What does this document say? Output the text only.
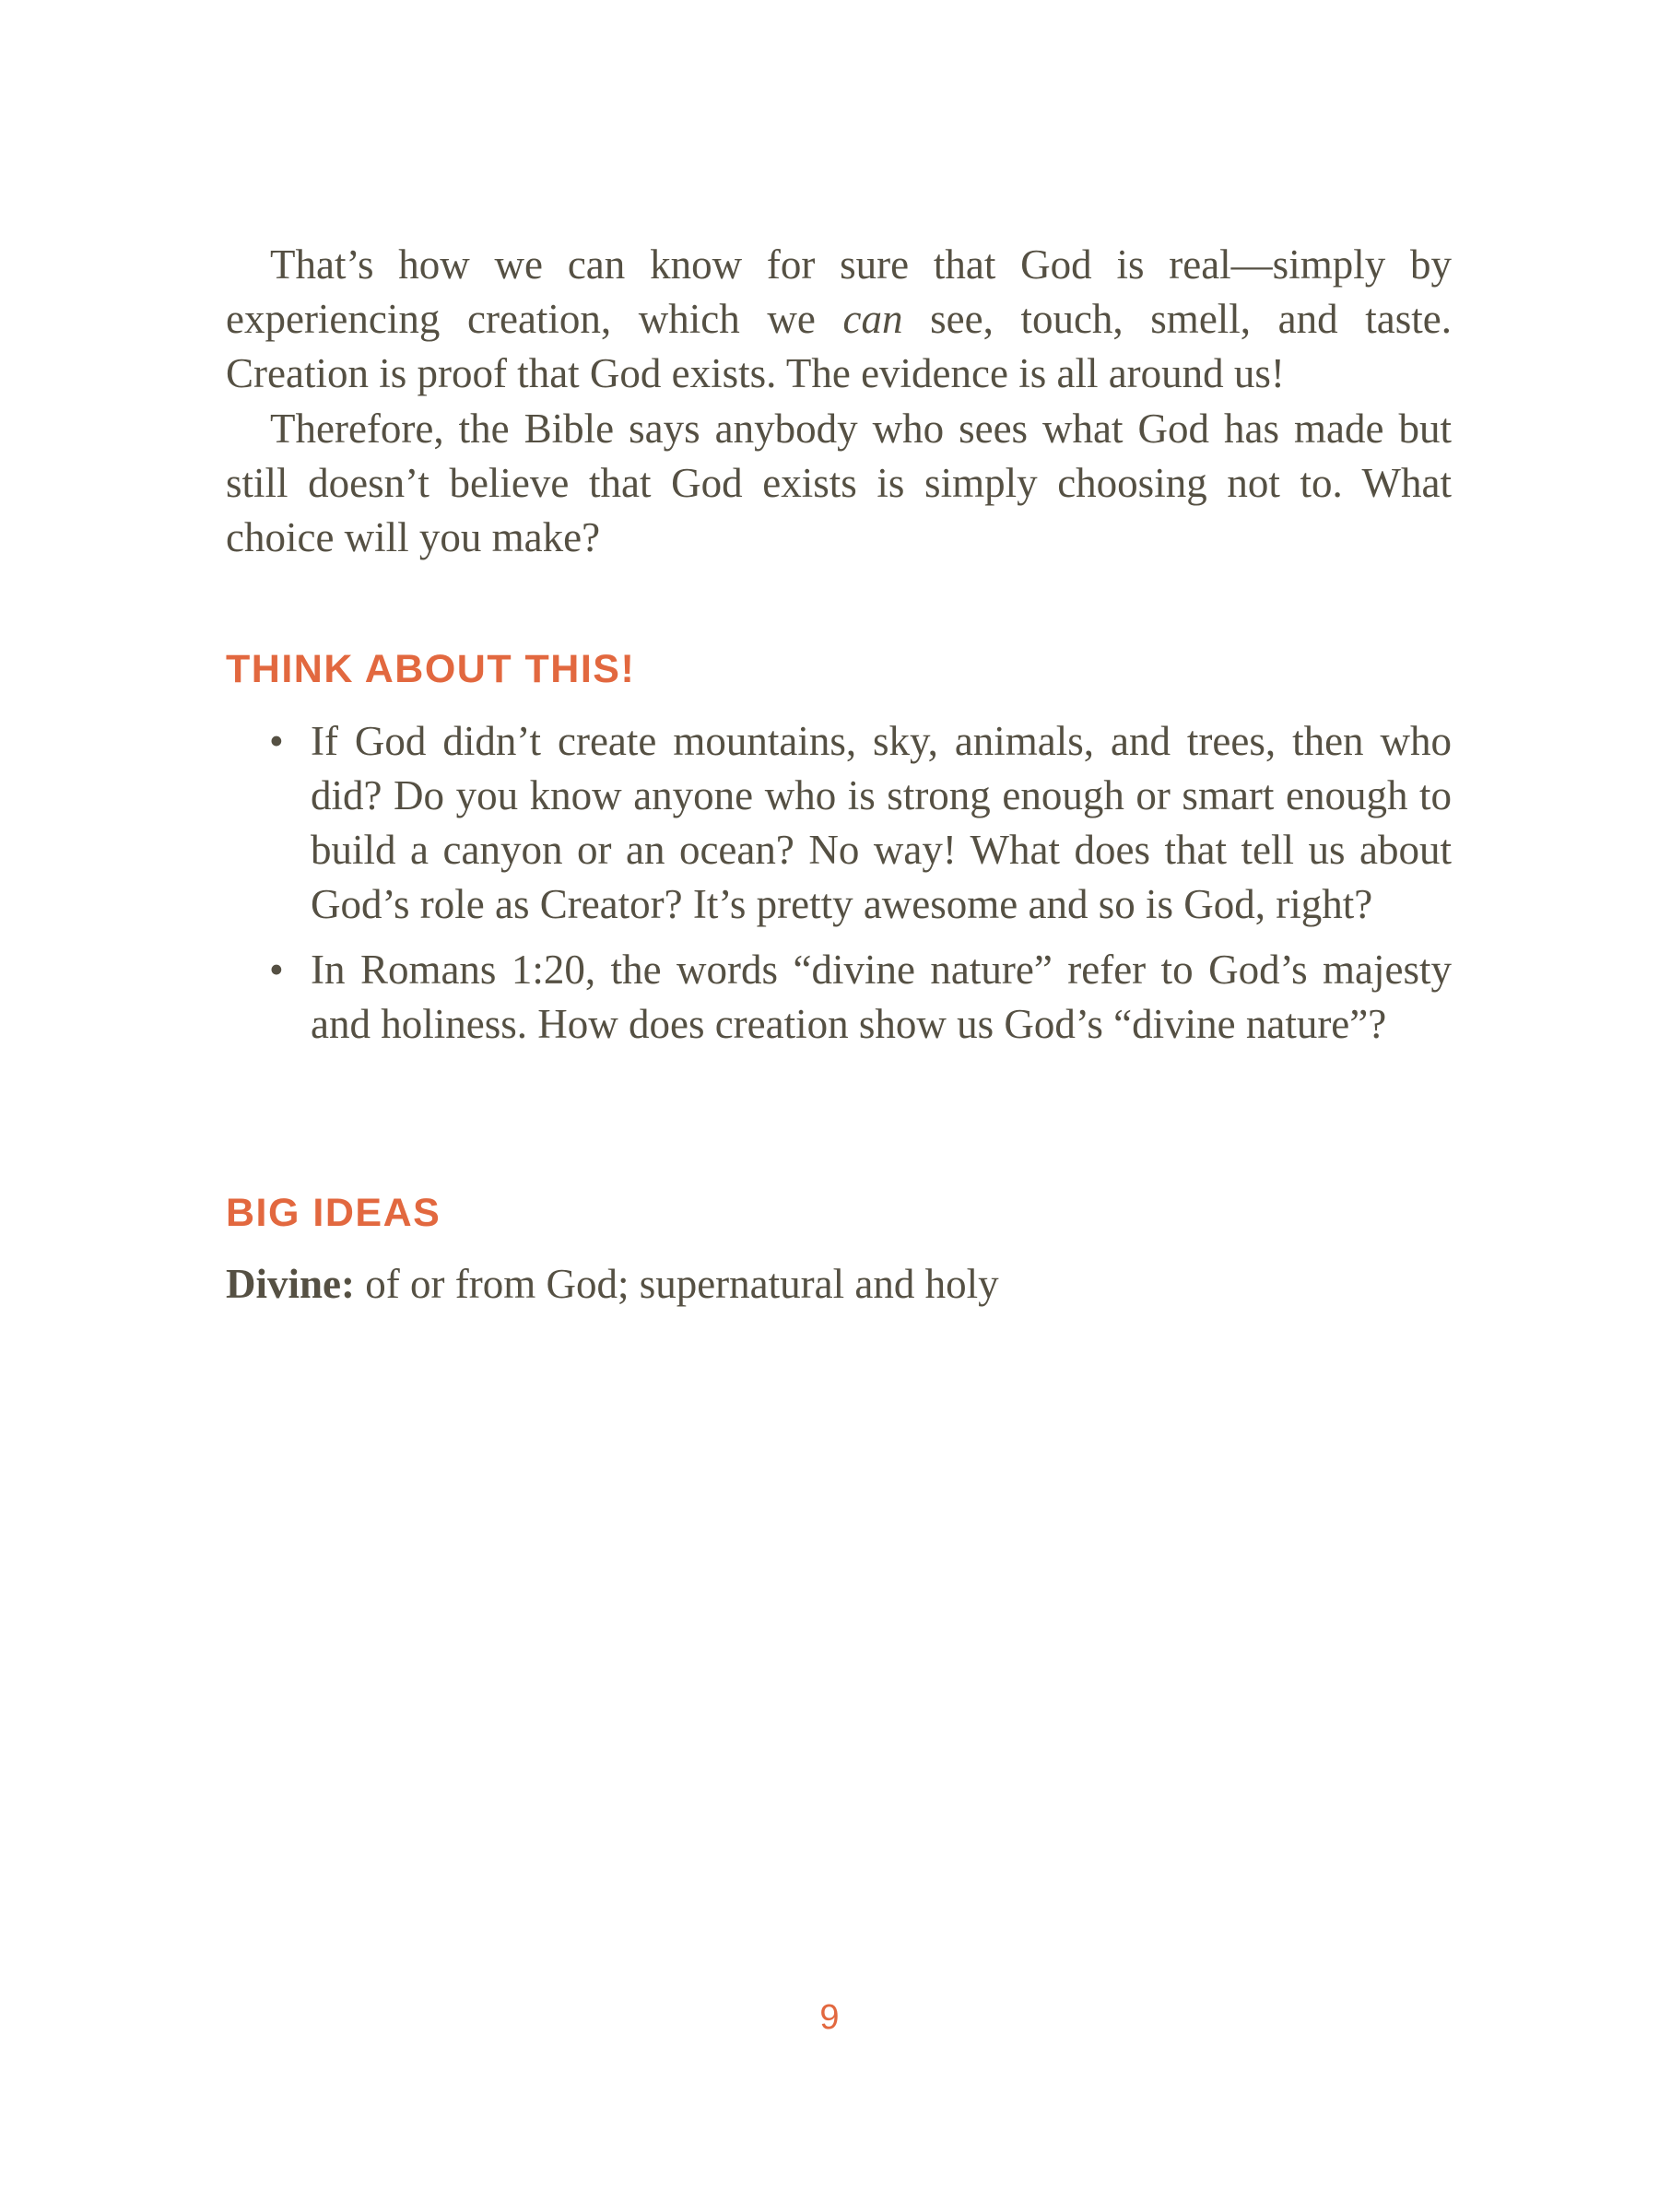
That’s how we can know for sure that God is real—simply by experiencing creation, which we can see, touch, smell, and taste. Creation is proof that God exists. The evidence is all around us!

Therefore, the Bible says anybody who sees what God has made but still doesn’t believe that God exists is simply choosing not to. What choice will you make?

THINK ABOUT THIS!
• If God didn’t create mountains, sky, animals, and trees, then who did? Do you know anyone who is strong enough or smart enough to build a canyon or an ocean? No way! What does that tell us about God’s role as Creator? It’s pretty awesome and so is God, right?
• In Romans 1:20, the words “divine nature” refer to God’s majesty and holiness. How does creation show us God’s “divine nature”?
BIG IDEAS

Divine: of or from God; supernatural and holy

9
